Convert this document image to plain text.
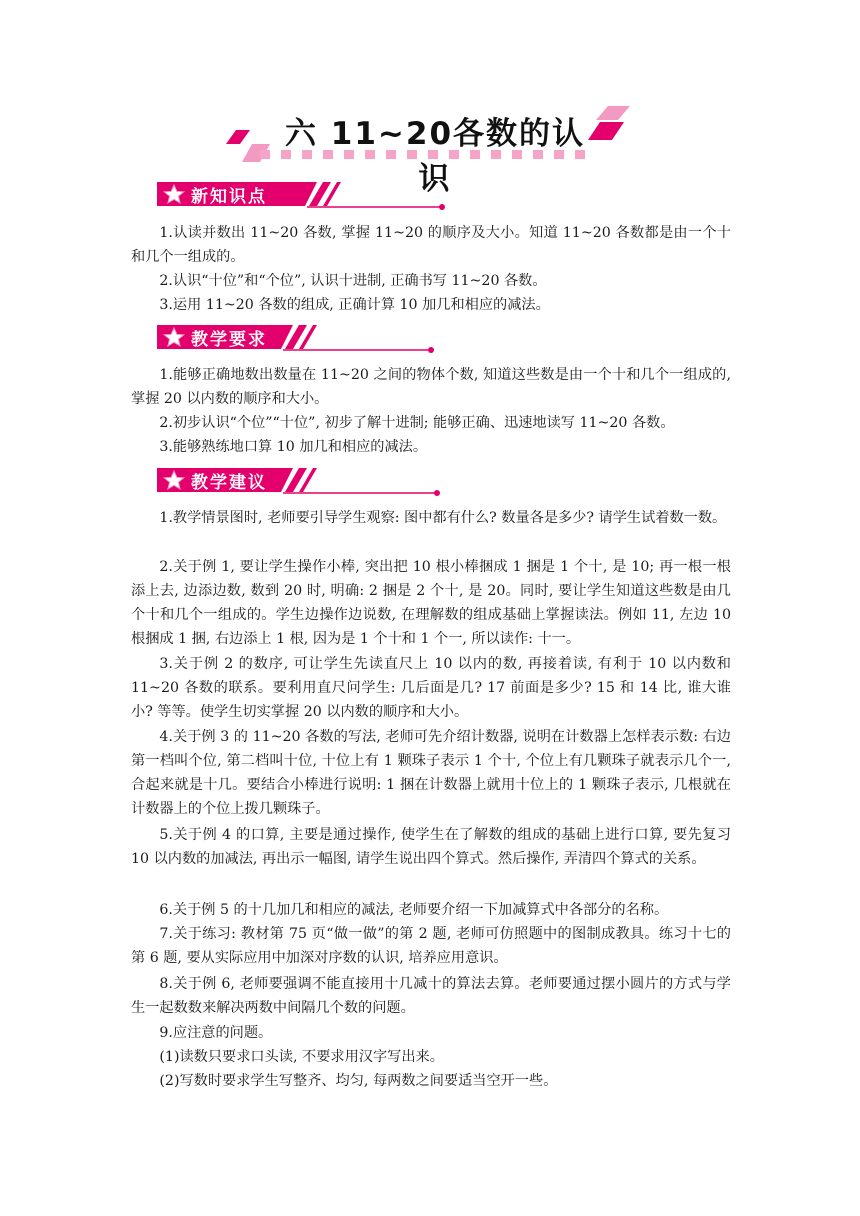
六 11~20各数的认识
新知识点

1.认读并数出 11~20 各数, 掌握 11~20 的顺序及大小。知道 11~20 各数都是由一个十和几个一组成的。

2.认识“十位”和“个位”, 认识十进制, 正确书写 11~20 各数。

3.运用 11~20 各数的组成, 正确计算 10 加几和相应的减法。

教学要求

1.能够正确地数出数量在 11~20 之间的物体个数, 知道这些数是由一个十和几个一组成的, 掌握 20 以内数的顺序和大小。

2.初步认识“个位”“十位”, 初步了解十进制; 能够正确、迅速地读写 11~20 各数。

3.能够熟练地口算 10 加几和相应的减法。

教学建议

1.教学情景图时, 老师要引导学生观察: 图中都有什么? 数量各是多少? 请学生试着数一数。

2.关于例 1, 要让学生操作小棒, 突出把 10 根小棒捆成 1 捆是 1 个十, 是 10; 再一根一根添上去, 边添边数, 数到 20 时, 明确: 2 捆是 2 个十, 是 20。同时, 要让学生知道这些数是由几个十和几个一组成的。学生边操作边说数, 在理解数的组成基础上掌握读法。例如 11, 左边 10 根捆成 1 捆, 右边添上 1 根, 因为是 1 个十和 1 个一, 所以读作: 十一。

3.关于例 2 的数序, 可让学生先读直尺上 10 以内的数, 再接着读, 有利于 10 以内数和 11~20 各数的联系。要利用直尺问学生: 几后面是几? 17 前面是多少? 15 和 14 比, 谁大谁小? 等等。使学生切实掌握 20 以内数的顺序和大小。

4.关于例 3 的 11~20 各数的写法, 老师可先介绍计数器, 说明在计数器上怎样表示数: 右边第一档叫个位, 第二档叫十位, 十位上有 1 颗珠子表示 1 个十, 个位上有几颗珠子就表示几个一, 合起来就是十几。要结合小棒进行说明: 1 捆在计数器上就用十位上的 1 颗珠子表示, 几根就在计数器上的个位上拨几颗珠子。

5.关于例 4 的口算, 主要是通过操作, 使学生在了解数的组成的基础上进行口算, 要先复习 10 以内数的加减法, 再出示一幅图, 请学生说出四个算式。然后操作, 弄清四个算式的关系。

6.关于例 5 的十几加几和相应的减法, 老师要介绍一下加减算式中各部分的名称。

7.关于练习: 教材第 75 页“做一做”的第 2 题, 老师可仿照题中的图制成教具。练习十七的第 6 题, 要从实际应用中加深对序数的认识, 培养应用意识。

8.关于例 6, 老师要强调不能直接用十几减十的算法去算。老师要通过摆小圆片的方式与学生一起数数来解决两数中间隔几个数的问题。

9.应注意的问题。

(1)读数只要求口头读, 不要求用汉字写出来。

(2)写数时要求学生写整齐、均匀, 每两数之间要适当空开一些。
